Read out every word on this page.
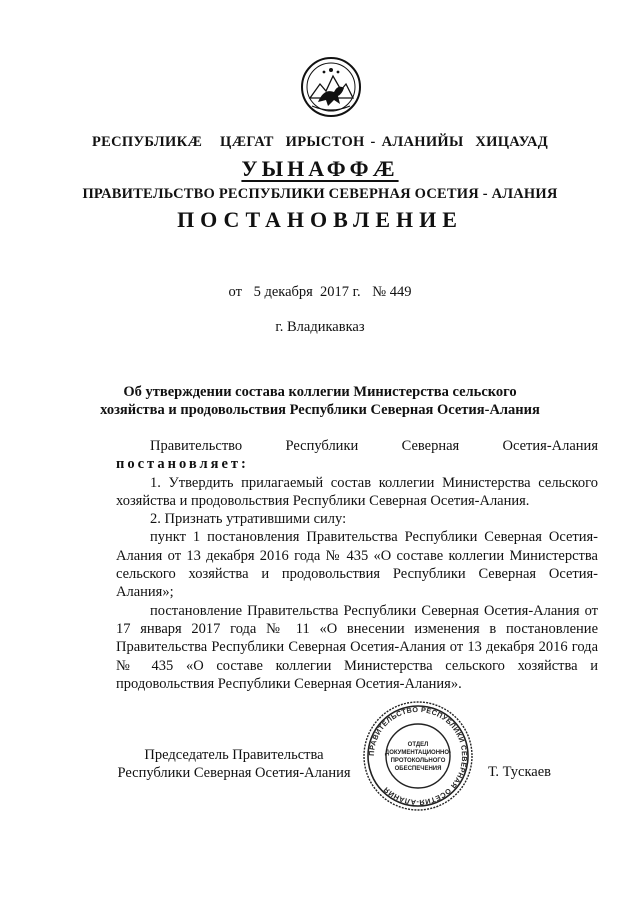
РЕСПУБЛИКÆ   ЦÆГАТ  ИРЫСТОН - АЛАНИЙЫ  ХИЦАУАД
УЫНАФФÆ
ПРАВИТЕЛЬСТВО РЕСПУБЛИКИ СЕВЕРНАЯ ОСЕТИЯ - АЛАНИЯ
ПОСТАНОВЛЕНИЕ
от 5 декабря  2017 г. № 449
г. Владикавказ
Об утверждении состава коллегии Министерства сельского
хозяйства и продовольствия Республики Северная Осетия-Алания

Правительство Республики Северная Осетия-Алания

постановляет:

1. Утвердить прилагаемый состав коллегии Министерства сельского хозяйства и продовольствия Республики Северная Осетия-Алания.

2. Признать утратившими силу:

пункт 1 постановления Правительства Республики Северная Осетия-Алания от 13 декабря 2016 года № 435 «О составе коллегии Министерства сельского хозяйства и продовольствия Республики Северная Осетия-Алания»;

постановление Правительства Республики Северная Осетия-Алания от 17 января 2017 года № 11 «О внесении изменения в постановление Правительства Республики Северная Осетия-Алания от 13 декабря 2016 года № 435 «О составе коллегии Министерства сельского хозяйства и продовольствия Республики Северная Осетия-Алания».

Председатель Правительства
Республики Северная Осетия-Алания
ПРАВИТЕЛЬСТВО РЕСПУБЛИКИ СЕВЕРНАЯ ОСЕТИЯ-АЛАНИЯ
ОТДЕЛ
ДОКУМЕНТАЦИОННО-
ПРОТОКОЛЬНОГО
ОБЕСПЕЧЕНИЯ	Т. Тускаев
